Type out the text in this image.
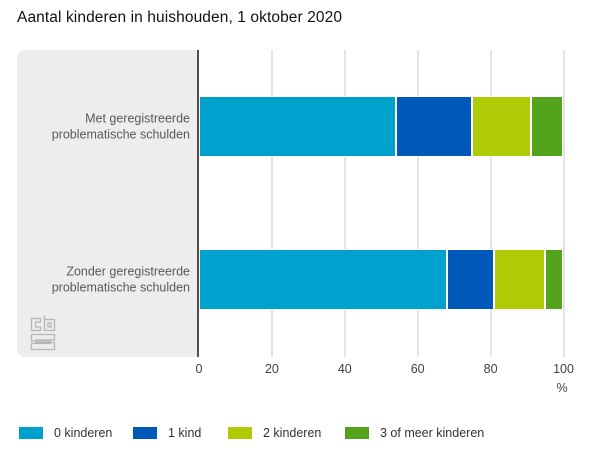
Aantal kinderen in huishouden, 1 oktober 2020
0	20	40	60	80	100
%
0 kinderen	1 kind	2 kinderen	3 of meer kinderen
Met geregistreerde problematische schulden
Zonder geregistreerde problematische schulden
